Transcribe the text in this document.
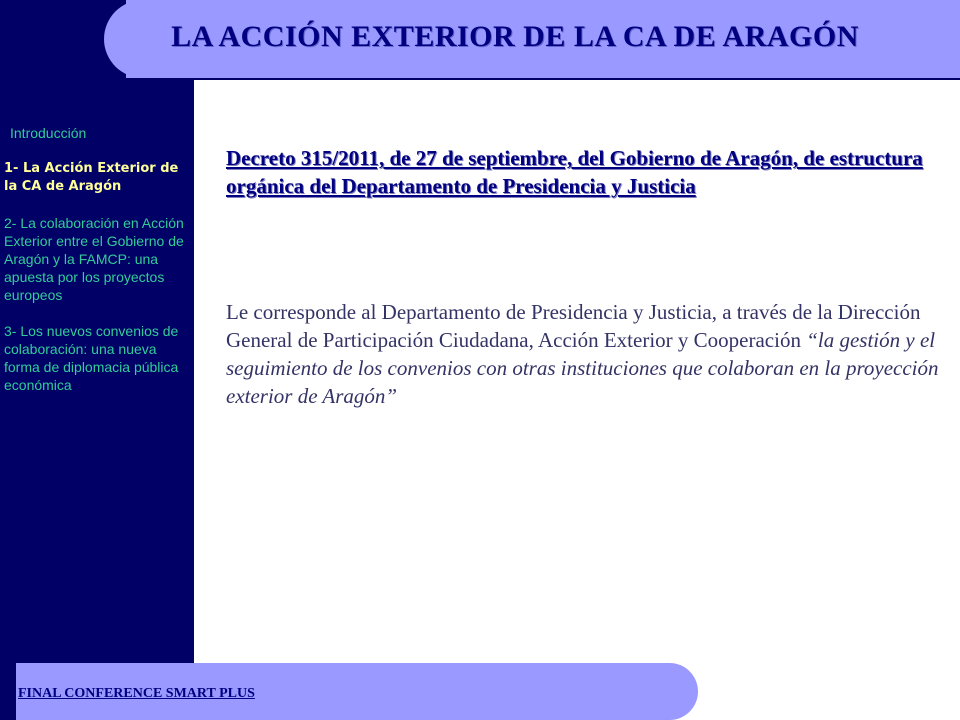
LA ACCIÓN EXTERIOR DE LA CA DE ARAGÓN
Introducción
1- La Acción Exterior de la CA de Aragón
2- La colaboración en Acción Exterior entre el Gobierno de Aragón y la FAMCP: una apuesta por los proyectos europeos
3- Los nuevos convenios de colaboración: una nueva forma de diplomacia pública económica
Decreto 315/2011, de 27 de septiembre, del Gobierno de Aragón, de estructura orgánica del Departamento de Presidencia y Justicia
Le corresponde al Departamento de Presidencia y Justicia, a través de la Dirección General de Participación Ciudadana, Acción Exterior y Cooperación “la gestión y el seguimiento de los convenios con otras instituciones que colaboran en la proyección exterior de Aragón”
FINAL CONFERENCE SMART PLUS
